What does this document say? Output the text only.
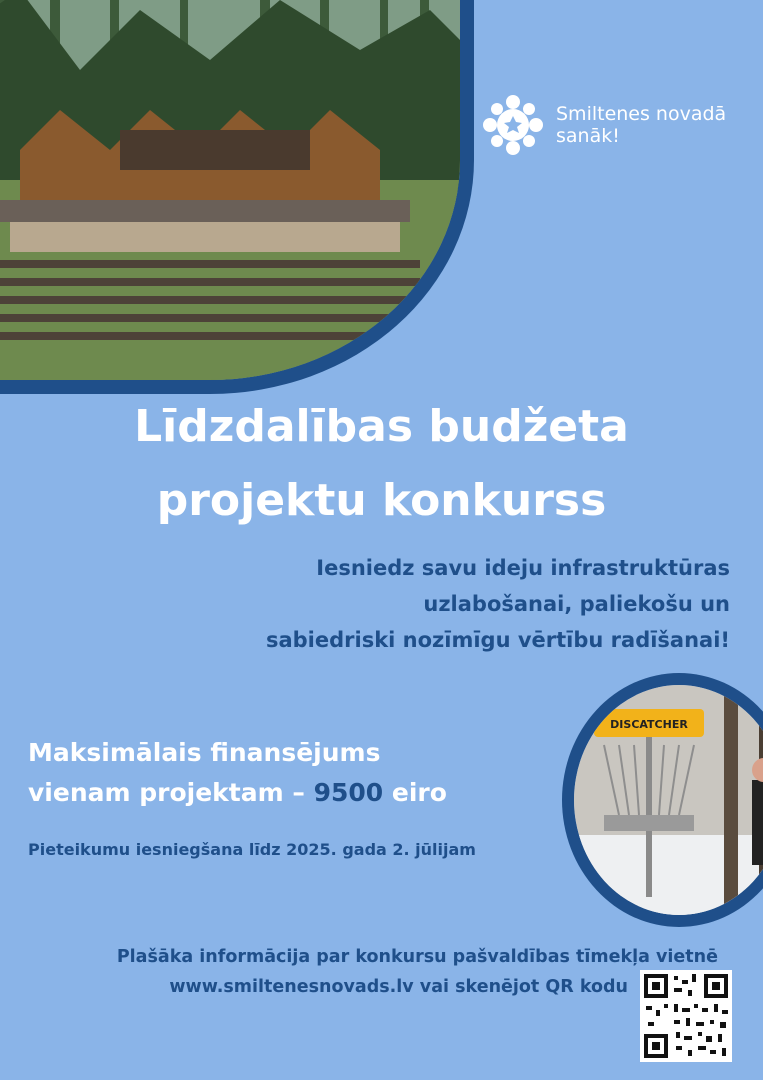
Smiltenes novadā
sanāk!
Līdzdalības budžeta
projektu konkurss
Iesniedz savu ideju infrastruktūras
uzlabošanai, paliekošu un
sabiedriski nozīmīgu vērtību radīšanai!
Maksimālais finansējums
vienam projektam – 9500 eiro
Pieteikumu iesniegšana līdz 2025. gada 2. jūlijam
DISCATCHER
Plašāka informācija par konkursu pašvaldības tīmekļa vietnē
www.smiltenesnovads.lv vai skenējot QR kodu
